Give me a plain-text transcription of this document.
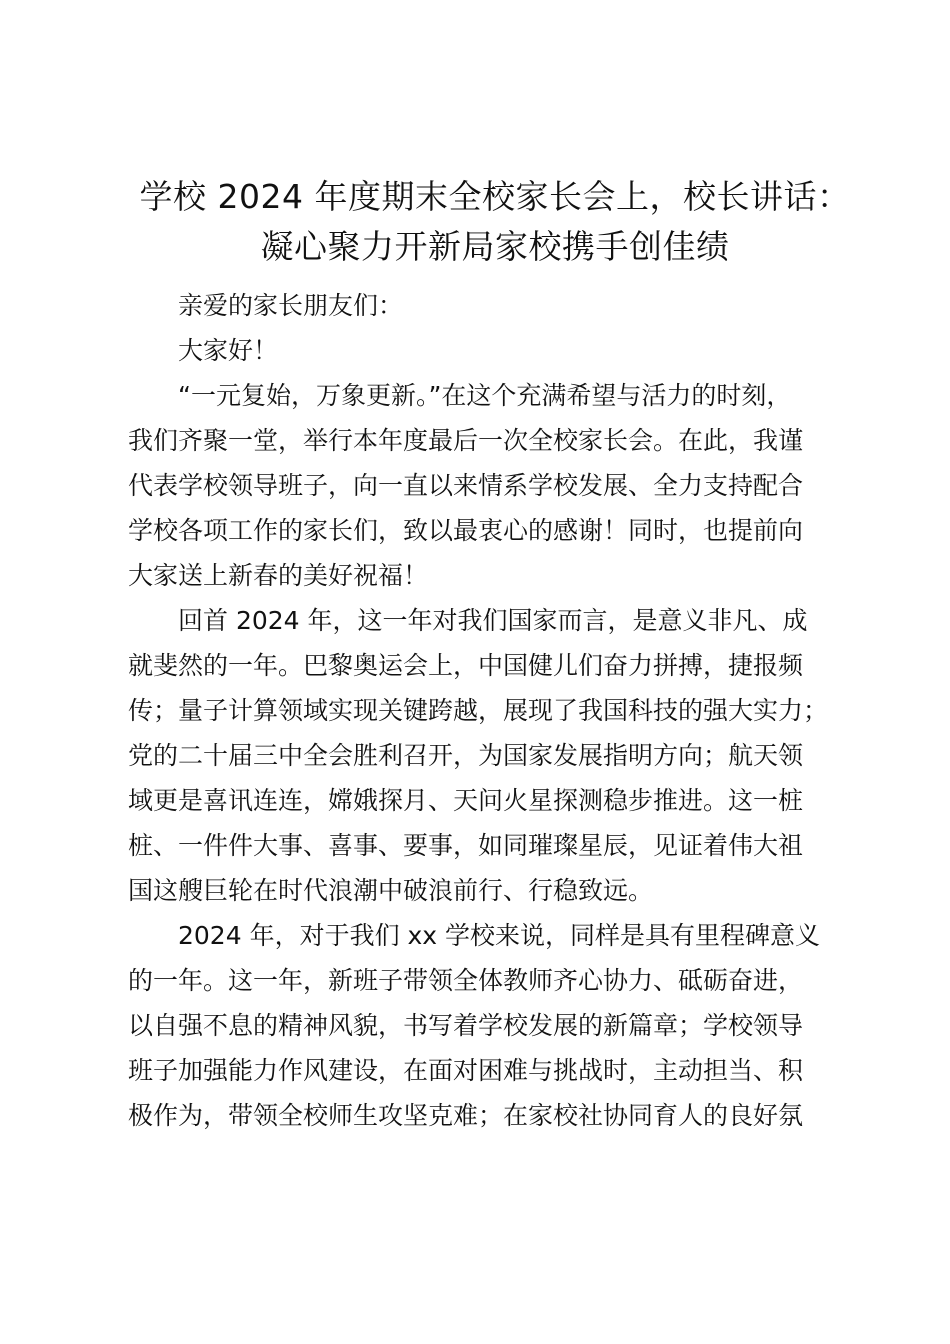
学校 2024 年度期末全校家长会上，校长讲话：
凝心聚力开新局家校携手创佳绩
亲爱的家长朋友们：
大家好！
“一元复始，万象更新。”在这个充满希望与活力的时刻，
我们齐聚一堂，举行本年度最后一次全校家长会。在此，我谨
代表学校领导班子，向一直以来情系学校发展、全力支持配合
学校各项工作的家长们，致以最衷心的感谢！同时，也提前向
大家送上新春的美好祝福！
回首 2024 年，这一年对我们国家而言，是意义非凡、成
就斐然的一年。巴黎奥运会上，中国健儿们奋力拼搏，捷报频
传；量子计算领域实现关键跨越，展现了我国科技的强大实力；
党的二十届三中全会胜利召开，为国家发展指明方向；航天领
域更是喜讯连连，嫦娥探月、天问火星探测稳步推进。这一桩
桩、一件件大事、喜事、要事，如同璀璨星辰，见证着伟大祖
国这艘巨轮在时代浪潮中破浪前行、行稳致远。
2024 年，对于我们 xx 学校来说，同样是具有里程碑意义
的一年。这一年，新班子带领全体教师齐心协力、砥砺奋进，
以自强不息的精神风貌，书写着学校发展的新篇章；学校领导
班子加强能力作风建设，在面对困难与挑战时，主动担当、积
极作为，带领全校师生攻坚克难；在家校社协同育人的良好氛
